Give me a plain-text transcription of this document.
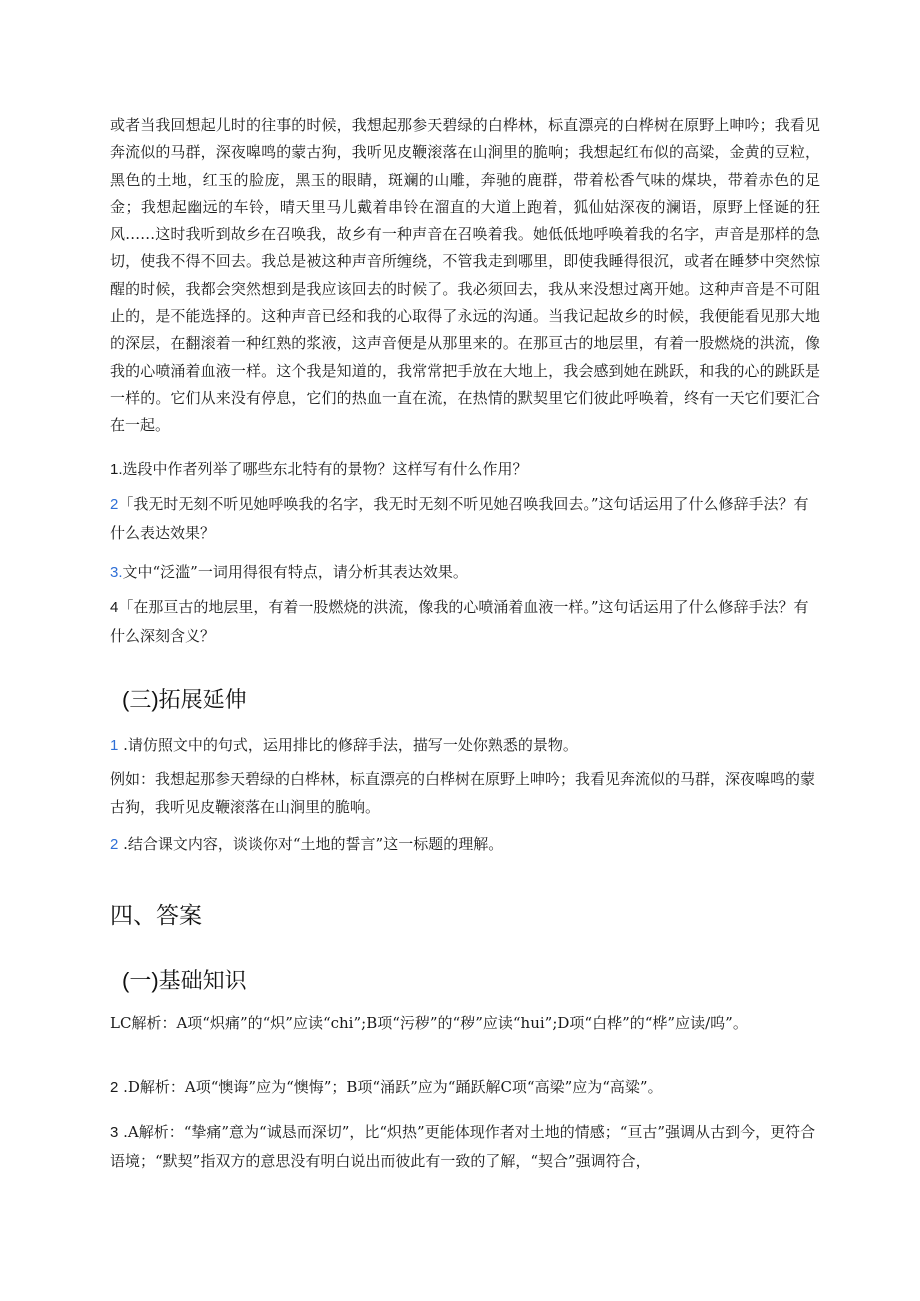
或者当我回想起儿时的往事的时候，我想起那参天碧绿的白桦林，标直漂亮的白桦树在原野上呻吟；我看见奔流似的马群，深夜嗥鸣的蒙古狗，我听见皮鞭滚落在山涧里的脆响；我想起红布似的高粱，金黄的豆粒，黑色的土地，红玉的脸庞，黑玉的眼睛，斑斓的山雕，奔驰的鹿群，带着松香气味的煤块，带着赤色的足金；我想起幽远的车铃，晴天里马儿戴着串铃在溜直的大道上跑着，狐仙姑深夜的澜语，原野上怪诞的狂风……这时我听到故乡在召唤我，故乡有一种声音在召唤着我。她低低地呼唤着我的名字，声音是那样的急切，使我不得不回去。我总是被这种声音所缠绕，不管我走到哪里，即使我睡得很沉，或者在睡梦中突然惊醒的时候，我都会突然想到是我应该回去的时候了。我必须回去，我从来没想过离开她。这种声音是不可阻止的，是不能选择的。这种声音已经和我的心取得了永远的沟通。当我记起故乡的时候，我便能看见那大地的深层，在翻滚着一种红熟的浆液，这声音便是从那里来的。在那亘古的地层里，有着一股燃烧的洪流，像我的心喷涌着血液一样。这个我是知道的，我常常把手放在大地上，我会感到她在跳跃，和我的心的跳跃是一样的。它们从来没有停息，它们的热血一直在流，在热情的默契里它们彼此呼唤着，终有一天它们要汇合在一起。
1.选段中作者列举了哪些东北特有的景物？这样写有什么作用？
2「我无时无刻不听见她呼唤我的名字，我无时无刻不听见她召唤我回去。”这句话运用了什么修辞手法？有什么表达效果？
3.文中“泛滥”一词用得很有特点，请分析其表达效果。
4「在那亘古的地层里，有着一股燃烧的洪流，像我的心喷涌着血液一样。”这句话运用了什么修辞手法？有什么深刻含义？
(三)拓展延伸
1 .请仿照文中的句式，运用排比的修辞手法，描写一处你熟悉的景物。
例如：我想起那参天碧绿的白桦林，标直漂亮的白桦树在原野上呻吟；我看见奔流似的马群，深夜嗥鸣的蒙古狗，我听见皮鞭滚落在山涧里的脆响。
2 .结合课文内容，谈谈你对“土地的誓言”这一标题的理解。
四、答案
(一)基础知识
LC解析：A项“炽痛”的“炽”应读“chi”;B项“污秽”的“秽”应读“hui”;D项“白桦”的“桦”应读/呜”。
2 .D解析：A项“懊诲”应为“懊悔”；B项“涌跃”应为“踊跃解C项“高梁”应为“高粱”。
3 .A解析：“挚痛”意为“诚恳而深切”，比“炽热”更能体现作者对土地的情感；“亘古”强调从古到今，更符合语境；“默契”指双方的意思没有明白说出而彼此有一致的了解，“契合”强调符合，
